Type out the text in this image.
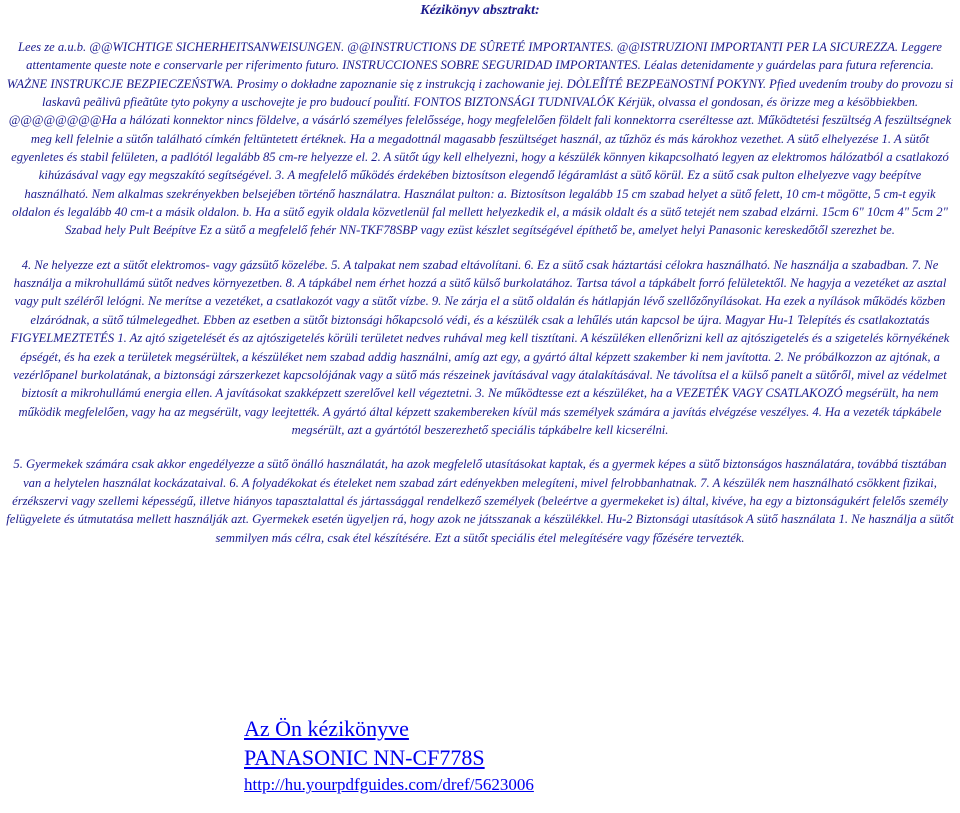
Kézikönyv absztrakt:

Lees ze a.u.b. @@WICHTIGE SICHERHEITSANWEISUNGEN. @@INSTRUCTIONS DE SÛRETÉ IMPORTANTES. @@ISTRUZIONI IMPORTANTI PER LA SICUREZZA. Leggere attentamente queste note e conservarle per riferimento futuro. INSTRUCCIONES SOBRE SEGURIDAD IMPORTANTES. Léalas detenidamente y guárdelas para futura referencia. WAŻNE INSTRUKCJE BEZPIECZEŃSTWA. Prosimy o dokładne zapoznanie się z instrukcją i zachowanie jej. DÒLEÎÍTÉ BEZPEäNOSTNÍ POKYNY. Pfied uvedením trouby do provozu si laskavû peãlivû pfieãtûte tyto pokyny a uschovejte je pro budoucí pouÏití. FONTOS BIZTONSÁGI TUDNIVALÓK Kérjük, olvassa el gondosan, és örizze meg a késöbbiekben. @@@@@@@@Ha a hálózati konnektor nincs földelve, a vásárló személyes felelőssége, hogy megfelelően földelt fali konnektorra cseréltesse azt. Működtetési feszültség A feszültségnek meg kell felelnie a sütőn található címkén feltüntetett értéknek. Ha a megadottnál magasabb feszültséget használ, az tűzhöz és más károkhoz vezethet. A sütő elhelyezése 1. A sütőt egyenletes és stabil felületen, a padlótól legalább 85 cm-re helyezze el. 2. A sütőt úgy kell elhelyezni, hogy a készülék könnyen kikapcsolható legyen az elektromos hálózatból a csatlakozó kihúzásával vagy egy megszakító segítségével. 3. A megfelelő működés érdekében biztosítson elegendő légáramlást a sütő körül. Ez a sütő csak pulton elhelyezve vagy beépítve használható. Nem alkalmas szekrényekben belsejében történő használatra. Használat pulton: a. Biztosítson legalább 15 cm szabad helyet a sütő felett, 10 cm-t mögötte, 5 cm-t egyik oldalon és legalább 40 cm-t a másik oldalon. b. Ha a sütő egyik oldala közvetlenül fal mellett helyezkedik el, a másik oldalt és a sütő tetejét nem szabad elzárni. 15cm 6" 10cm 4" 5cm 2" Szabad hely Pult Beépítve Ez a sütő a megfelelő fehér NN-TKF78SBP vagy ezüst készlet segítségével építhető be, amelyet helyi Panasonic kereskedőtől szerezhet be.

4. Ne helyezze ezt a sütőt elektromos- vagy gázsütő közelébe. 5. A talpakat nem szabad eltávolítani. 6. Ez a sütő csak háztartási célokra használható. Ne használja a szabadban. 7. Ne használja a mikrohullámú sütőt nedves környezetben. 8. A tápkábel nem érhet hozzá a sütő külső burkolatához. Tartsa távol a tápkábelt forró felületektől. Ne hagyja a vezetéket az asztal vagy pult széléről lelógni. Ne merítse a vezetéket, a csatlakozót vagy a sütőt vízbe. 9. Ne zárja el a sütő oldalán és hátlapján lévő szellőzőnyílásokat. Ha ezek a nyílások működés közben elzáródnak, a sütő túlmelegedhet. Ebben az esetben a sütőt biztonsági hőkapcsoló védi, és a készülék csak a lehűlés után kapcsol be újra. Magyar Hu-1 Telepítés és csatlakoztatás FIGYELMEZTETÉS 1. Az ajtó szigetelését és az ajtószigetelés körüli területet nedves ruhával meg kell tisztítani. A készüléken ellenőrizni kell az ajtószigetelés és a szigetelés környékének épségét, és ha ezek a területek megsérültek, a készüléket nem szabad addig használni, amíg azt egy, a gyártó által képzett szakember ki nem javította. 2. Ne próbálkozzon az ajtónak, a vezérlőpanel burkolatának, a biztonsági zárszerkezet kapcsolójának vagy a sütő más részeinek javításával vagy átalakításával. Ne távolítsa el a külső panelt a sütőről, mivel az védelmet biztosít a mikrohullámú energia ellen. A javításokat szakképzett szerelővel kell végeztetni. 3. Ne működtesse ezt a készüléket, ha a VEZETÉK VAGY CSATLAKOZÓ megsérült, ha nem működik megfelelően, vagy ha az megsérült, vagy leejtették. A gyártó által képzett szakembereken kívül más személyek számára a javítás elvégzése veszélyes. 4. Ha a vezeték tápkábele megsérült, azt a gyártótól beszerezhető speciális tápkábelre kell kicserélni.

5. Gyermekek számára csak akkor engedélyezze a sütő önálló használatát, ha azok megfelelő utasításokat kaptak, és a gyermek képes a sütő biztonságos használatára, továbbá tisztában van a helytelen használat kockázataival. 6. A folyadékokat és ételeket nem szabad zárt edényekben melegíteni, mivel felrobbanhatnak. 7. A készülék nem használható csökkent fizikai, érzékszervi vagy szellemi képességű, illetve hiányos tapasztalattal és jártassággal rendelkező személyek (beleértve a gyermekeket is) által, kivéve, ha egy a biztonságukért felelős személy felügyelete és útmutatása mellett használják azt. Gyermekek esetén ügyeljen rá, hogy azok ne játsszanak a készülékkel. Hu-2 Biztonsági utasítások A sütő használata 1. Ne használja a sütőt semmilyen más célra, csak étel készítésére. Ezt a sütőt speciális étel melegítésére vagy főzésére tervezték.

Az Ön kézikönyve
PANASONIC NN-CF778S
http://hu.yourpdfguides.com/dref/5623006
